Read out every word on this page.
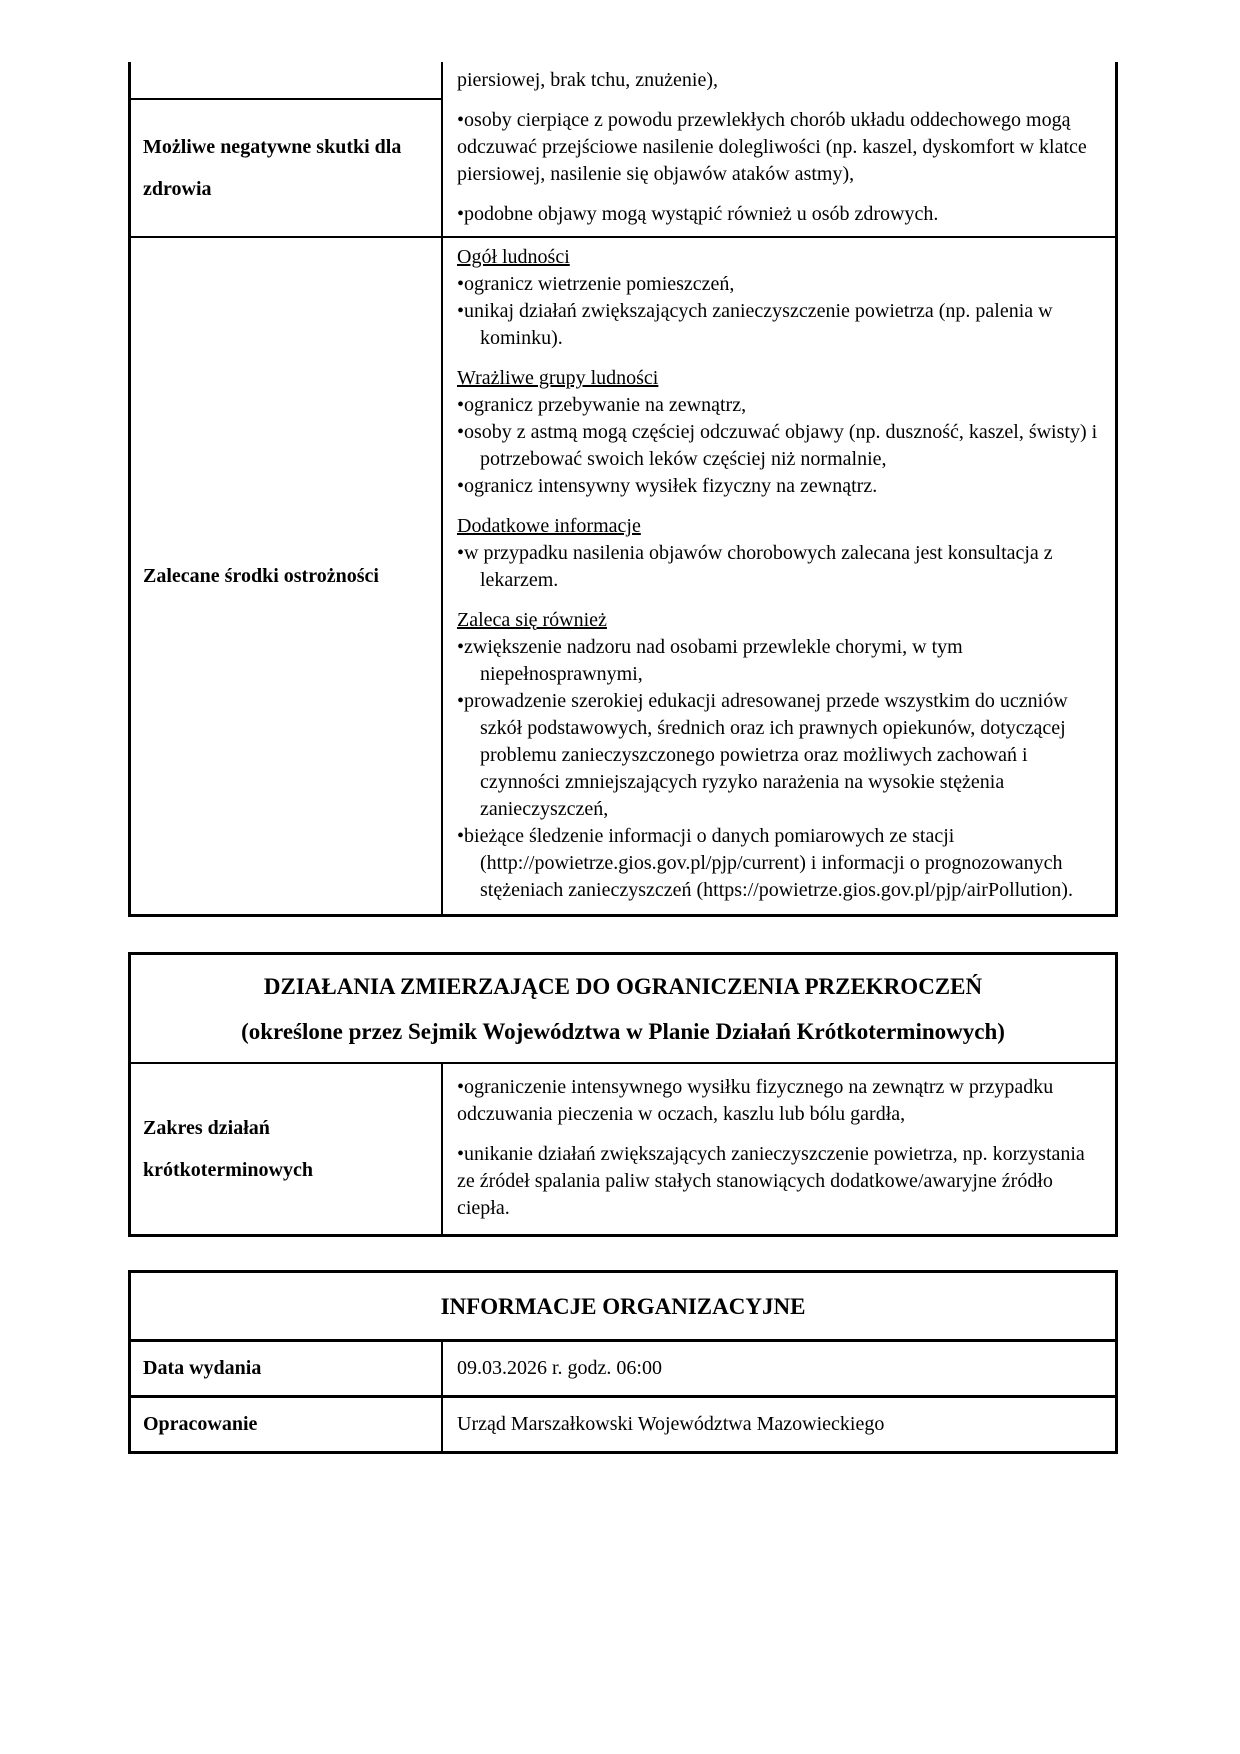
Możliwe negatywne skutki dla zdrowia

piersiowej, brak tchu, znużenie),

• osoby cierpiące z powodu przewlekłych chorób układu oddechowego mogą odczuwać przejściowe nasilenie dolegliwości (np. kaszel, dyskomfort w klatce piersiowej, nasilenie się objawów ataków astmy),

• podobne objawy mogą wystąpić również u osób zdrowych.

Zalecane środki ostrożności

Ogół ludności

• ogranicz wietrzenie pomieszczeń,

• unikaj działań zwiększających zanieczyszczenie powietrza (np. palenia w kominku).

Wrażliwe grupy ludności

• ogranicz przebywanie na zewnątrz,

• osoby z astmą mogą częściej odczuwać objawy (np. duszność, kaszel, świsty) i potrzebować swoich leków częściej niż normalnie,

• ogranicz intensywny wysiłek fizyczny na zewnątrz.

Dodatkowe informacje

• w przypadku nasilenia objawów chorobowych zalecana jest konsultacja z lekarzem.

Zaleca się również

• zwiększenie nadzoru nad osobami przewlekle chorymi, w tym niepełnosprawnymi,

• prowadzenie szerokiej edukacji adresowanej przede wszystkim do uczniów szkół podstawowych, średnich oraz ich prawnych opiekunów, dotyczącej problemu zanieczyszczonego powietrza oraz możliwych zachowań i czynności zmniejszających ryzyko narażenia na wysokie stężenia zanieczyszczeń,

• bieżące śledzenie informacji o danych pomiarowych ze stacji (http://powietrze.gios.gov.pl/pjp/current) i informacji o prognozowanych stężeniach zanieczyszczeń (https://powietrze.gios.gov.pl/pjp/airPollution).

DZIAŁANIA ZMIERZAJĄCE DO OGRANICZENIA PRZEKROCZEŃ
(określone przez Sejmik Województwa w Planie Działań Krótkoterminowych)
Zakres działań krótkoterminowych

• ograniczenie intensywnego wysiłku fizycznego na zewnątrz w przypadku odczuwania pieczenia w oczach, kaszlu lub bólu gardła,

• unikanie działań zwiększających zanieczyszczenie powietrza, np. korzystania ze źródeł spalania paliw stałych stanowiących dodatkowe/awaryjne źródło ciepła.

INFORMACJE ORGANIZACYJNE
Data wydania	09.03.2026 r. godz. 06:00
Opracowanie	Urząd Marszałkowski Województwa Mazowieckiego
